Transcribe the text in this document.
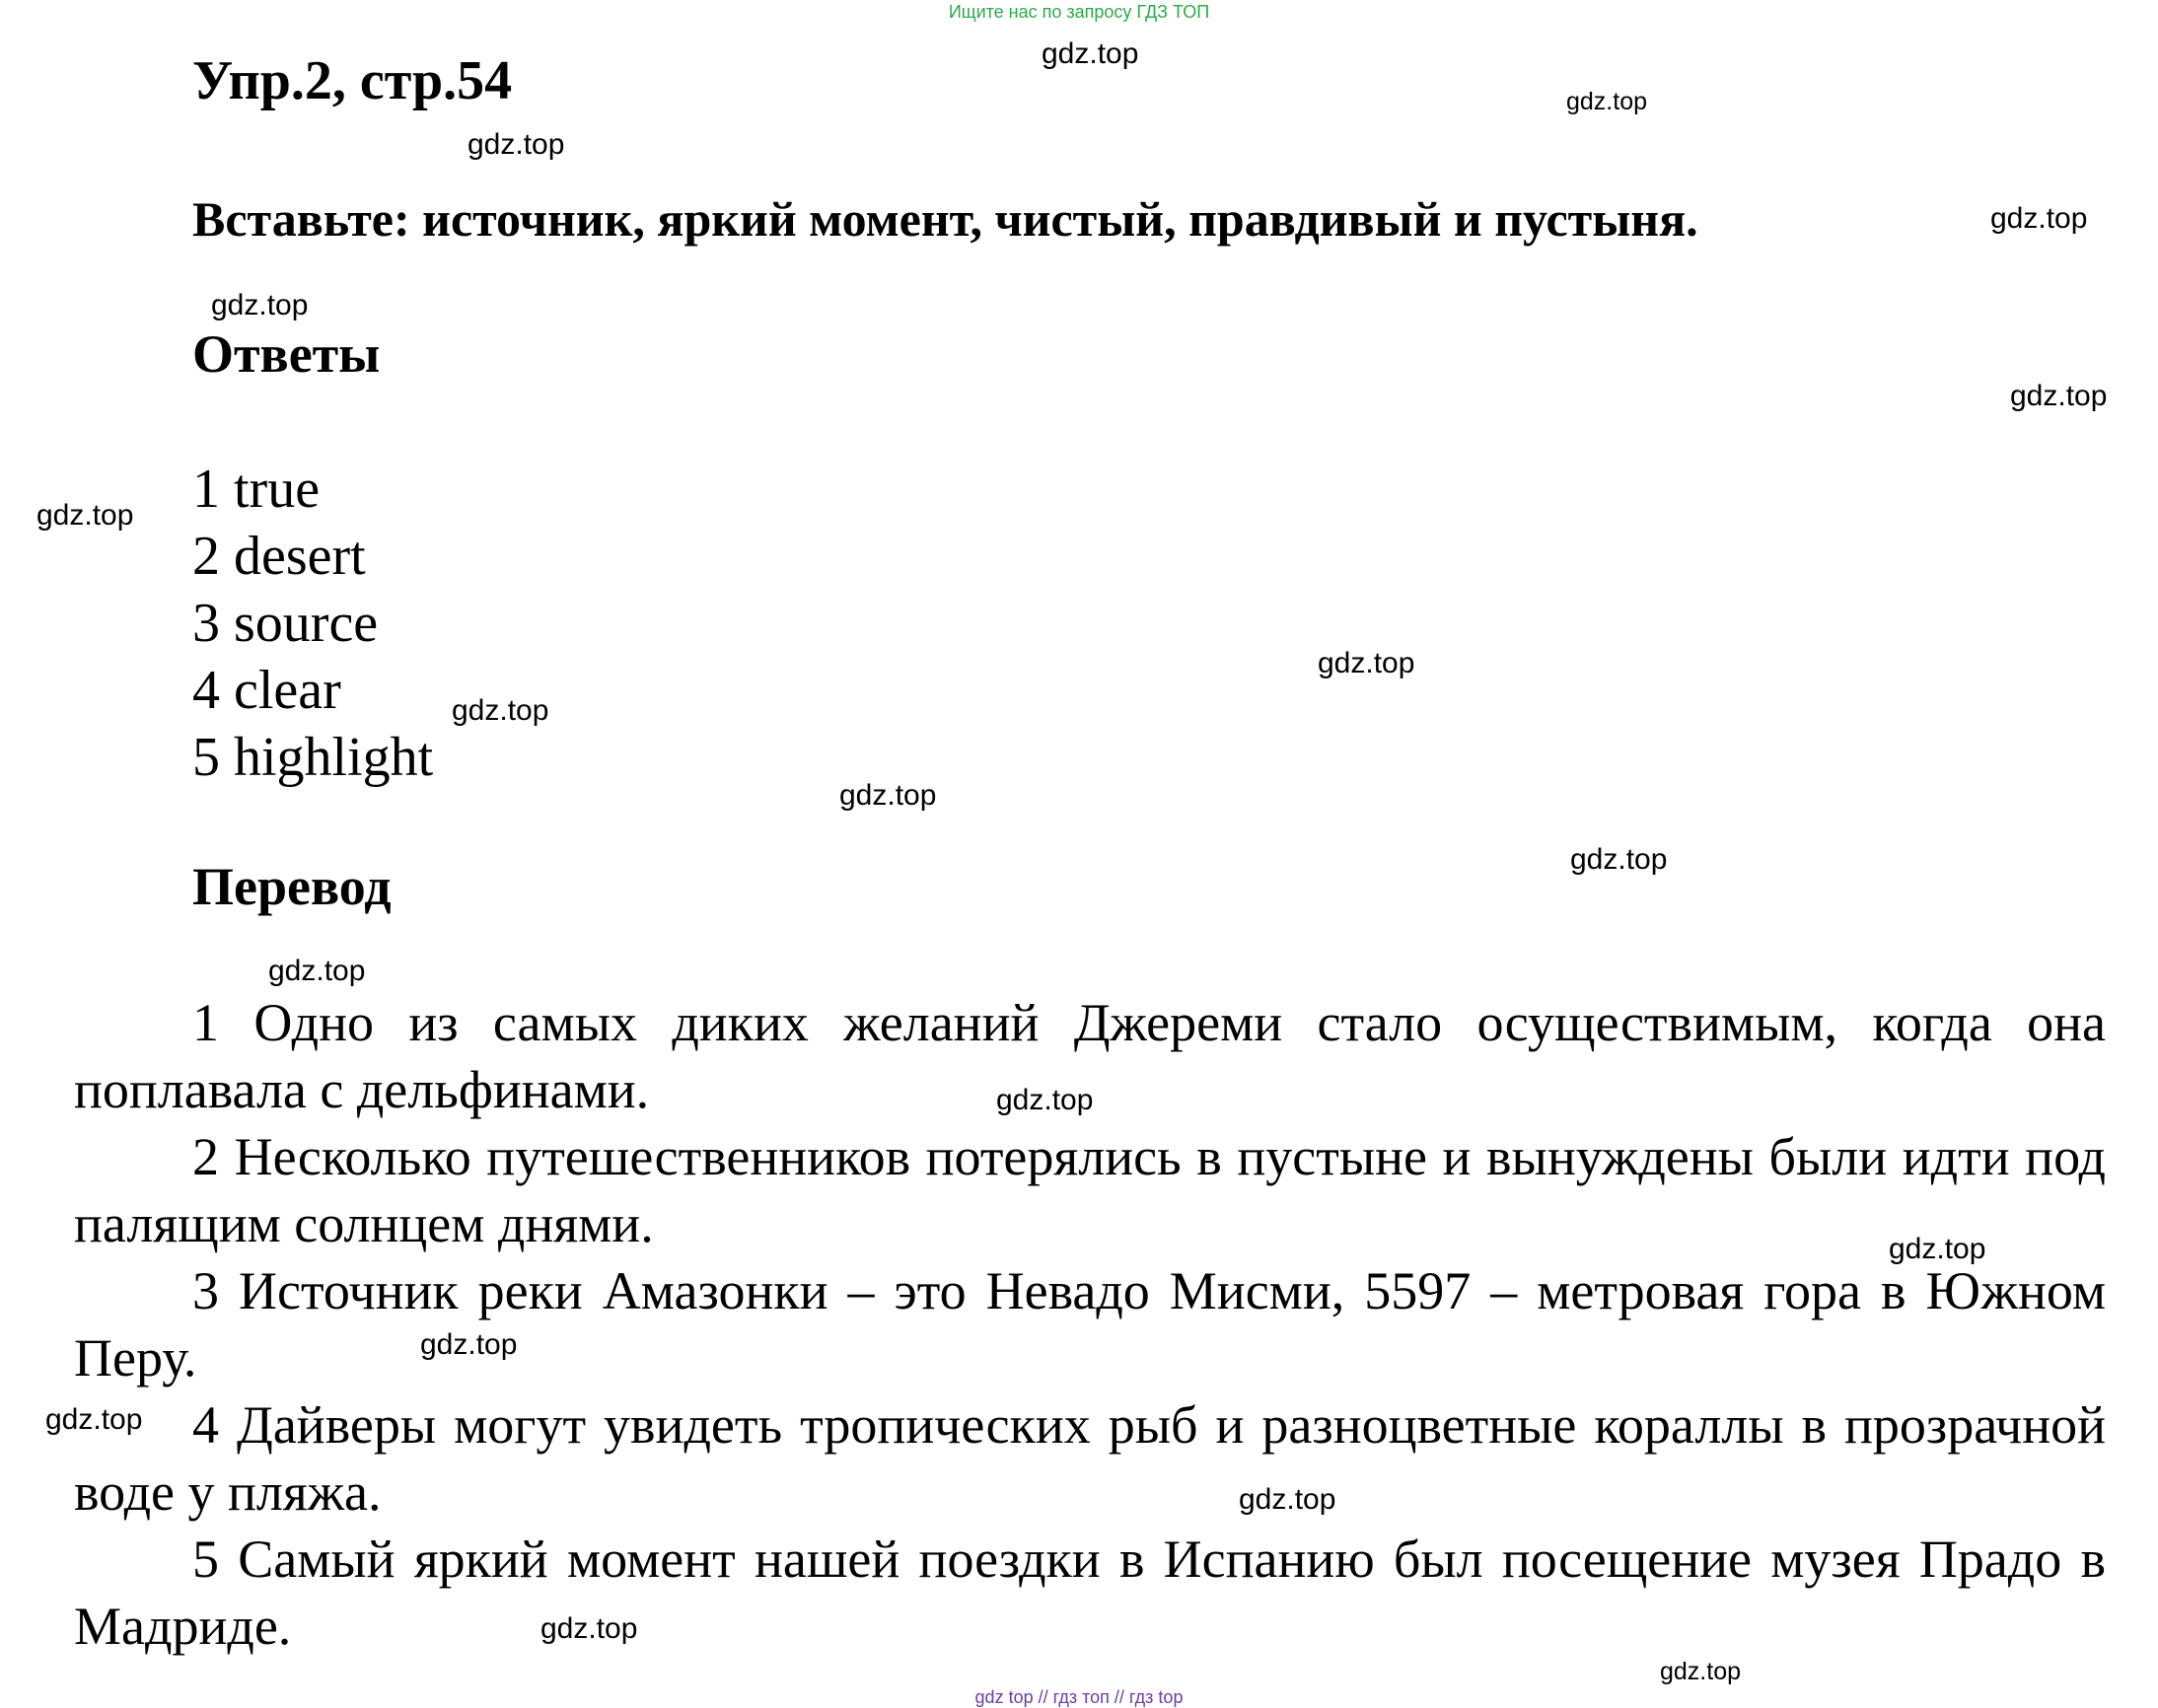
Ищите нас по запросу ГДЗ ТОП
Упр.2, стр.54
Вставьте: источник, яркий момент, чистый, правдивый и пустыня.
Ответы
1 true
2 desert
3 source
4 clear
5 highlight
Перевод

1 Одно из самых диких желаний Джереми стало осуществимым, когда она поплавала с дельфинами.

2 Несколько путешественников потерялись в пустыне и вынуждены были идти под палящим солнцем днями.

3 Источник реки Амазонки – это Невадо Мисми, 5597 – метровая гора в Южном Перу.

4 Дайверы могут увидеть тропических рыб и разноцветные кораллы в прозрачной воде у пляжа.

5 Самый яркий момент нашей поездки в Испанию был посещение музея Прадо в Мадриде.

gdz.top
gdz.top
gdz.top
gdz.top
gdz.top
gdz.top
gdz.top
gdz.top
gdz.top
gdz.top
gdz.top
gdz.top
gdz.top
gdz.top
gdz.top
gdz.top
gdz.top
gdz.top
gdz.top
gdz top // гдз топ // гдз top
